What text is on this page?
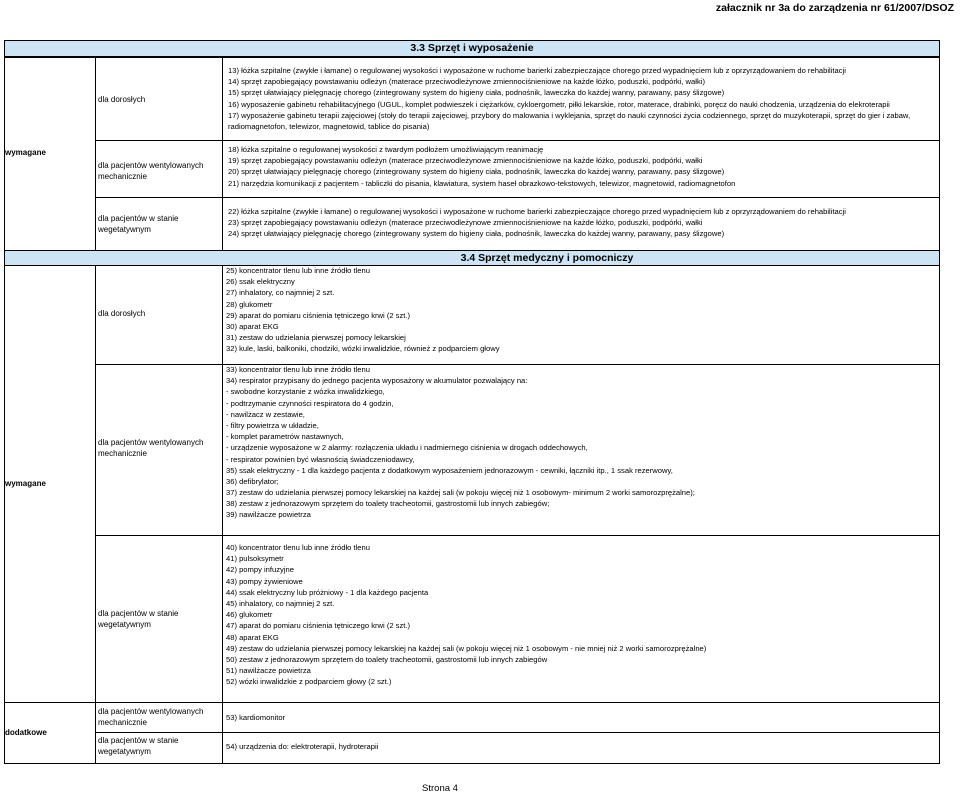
załacznik nr 3a do zarządzenia nr 61/2007/DSOZ
3.3 Sprzęt i wyposażenie
wymagane
dla dorosłych
dla pacjentów wentylowanych mechanicznie
dla pacjentów w stanie wegetatywnym
13) łóżka szpitalne (zwykłe i łamane) o regulowanej wysokości i wyposażone w ruchome barierki zabezpieczające chorego przed wypadnięciem lub z oprzyrządowaniem do rehabilitacji
14) sprzęt zapobiegający powstawaniu odleżyn (materace przeciwodleżynowe zmiennociśnieniowe na każde łóżko, poduszki, podpórki, wałki)
15) sprzęt ułatwiający pielęgnację chorego (zintegrowany system do higieny ciała, podnośnik, laweczka do każdej wanny, parawany, pasy ślizgowe)
16) wyposażenie gabinetu rehabilitacyjnego (UGUL, komplet podwieszek i ciężarków, cykloergometr, piłki lekarskie, rotor, materace, drabinki, poręcz do nauki chodzenia, urządzenia do elekroterapii
17) wyposażenie gabinetu terapii zajęciowej (stoły do terapii zajęciowej, przybory do malowania i wyklejania, sprzęt do nauki czynności życia codziennego, sprzęt do muzykoterapii, sprzęt do gier i zabaw, radiomagnetofon, telewizor, magnetowid, tablice do pisania)
18) łóżka szpitalne o regulowanej wysokości z twardym podłożem umożliwiającym reanimację
19) sprzęt zapobiegający powstawaniu odleżyn (materace przeciwodleżynowe zmiennociśnieniowe na każde łóżko, poduszki, podpórki, wałki
20) sprzęt ułatwiający pielęgnację chorego (zintegrowany system do higieny ciała, podnośnik, laweczka do każdej wanny, parawany, pasy ślizgowe)
21) narzędzia komunikacji z pacjentem - tabliczki do pisania, klawiatura, system haseł obrazkowo-tekstowych, telewizor, magnetowid, radiomagnetofon
22) łóżka szpitalne (zwykłe i łamane) o regulowanej wysokości i wyposażone w ruchome barierki zabezpieczające chorego przed wypadnięciem lub z oprzyrządowaniem do rehabilitacji
23) sprzęt zapobiegający powstawaniu odleżyn (materace przeciwodleżynowe zmiennociśnieniowe na każde łóżko, poduszki, podpórki, wałki
24) sprzęt ułatwiający pielęgnację chorego (zintegrowany system do higieny ciała, podnośnik, laweczka do każdej wanny, parawany, pasy ślizgowe)
3.4 Sprzęt medyczny i pomocniczy
wymagane
dla dorosłych
dla pacjentów wentylowanych mechanicznie
dla pacjentów w stanie wegetatywnym
25) koncentrator tlenu lub inne źródło tlenu
26) ssak elektryczny
27) inhalatory, co najmniej 2 szt.
28) glukometr
29) aparat do pomiaru ciśnienia tętniczego krwi (2 szt.)
30) aparat EKG
31) zestaw do udzielania pierwszej pomocy lekarskiej
32) kule, laski, balkoniki, chodziki, wózki inwalidzkie, również z podparciem głowy
33) koncentrator tlenu lub inne źródło tlenu
34) respirator przypisany do jednego pacjenta wyposażony w akumulator pozwalający na:
- swobodne korzystanie z wózka inwalidzkiego,
- podtrzymanie czynności respiratora do 4 godzin,
- nawilżacz w zestawie,
- filtry powietrza w układzie,
- komplet parametrów nastawnych,
- urządzenie wyposażone w 2 alarmy: rozłączenia układu i nadmiernego ciśnienia w drogach oddechowych,
- respirator powinien być własnością świadczeniodawcy,
35) ssak elektryczny - 1 dla każdego pacjenta z dodatkowym wyposażeniem jednorazowym - cewniki, łączniki itp., 1 ssak rezerwowy,
36) defibrylator;
37) zestaw do udzielania pierwszej pomocy lekarskiej na każdej sali (w pokoju więcej niż 1 osobowym- minimum 2 worki samorozprężalne);
38) zestaw z jednorazowym sprzętem do toalety tracheotomii, gastrostomii lub innych zabiegów;
39) nawilżacze powietrza
40) koncentrator tlenu lub inne źródło tlenu
41) pulsoksymetr
42) pompy infuzyjne
43) pompy żywieniowe
44) ssak elektryczny lub próżniowy - 1 dla każdego pacjenta
45) inhalatory, co najmniej 2 szt.
46) glukometr
47) aparat do pomiaru ciśnienia tętniczego krwi (2 szt.)
48) aparat EKG
49) zestaw do udzielania pierwszej pomocy lekarskiej na każdej sali (w pokoju więcej niż 1 osobowym - nie mniej niż 2 worki samorozprężalne)
50) zestaw z jednorazowym sprzętem do toalety tracheotomii, gastrostomii lub innych zabiegów
51) nawilżacze powietrza
52) wózki inwalidzkie z podparciem głowy (2 szt.)
dodatkowe
dla pacjentów wentylowanych mechanicznie
dla pacjentów w stanie wegetatywnym
53) kardiomonitor
54) urządzenia do: elektroterapii, hydroterapii
Strona 4
